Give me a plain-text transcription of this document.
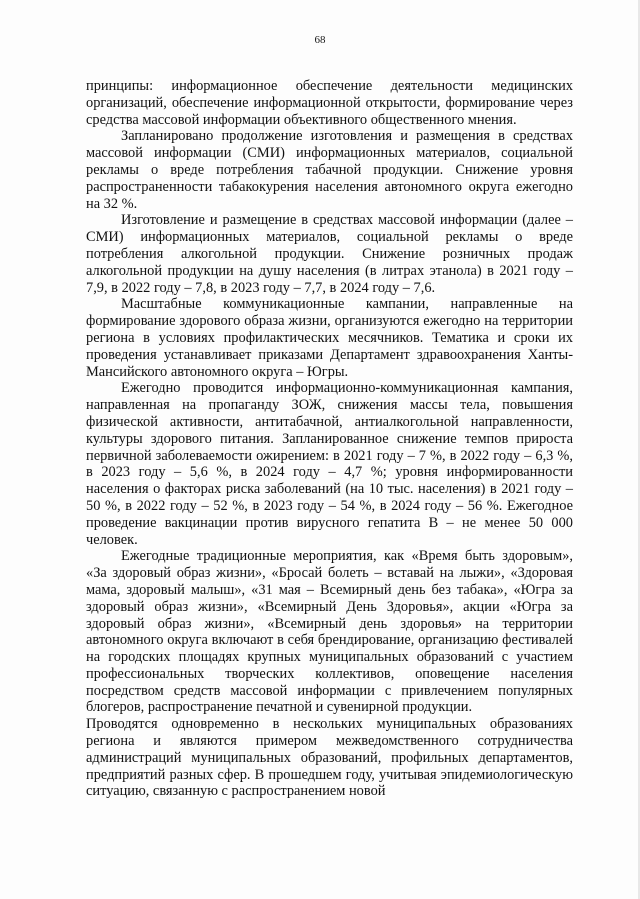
68

принципы: информационное обеспечение деятельности медицинских организаций, обеспечение информационной открытости, формирование через средства массовой информации объективного общественного мнения.

Запланировано продолжение изготовления и размещения в средствах массовой информации (СМИ) информационных материалов, социальной рекламы о вреде потребления табачной продукции. Снижение уровня распространенности табакокурения населения автономного округа ежегодно на 32 %.

Изготовление и размещение в средствах массовой информации (далее – СМИ) информационных материалов, социальной рекламы о вреде потребления алкогольной продукции. Снижение розничных продаж алкогольной продукции на душу населения (в литрах этанола) в 2021 году – 7,9, в 2022 году – 7,8, в 2023 году – 7,7, в 2024 году – 7,6.

Масштабные коммуникационные кампании, направленные на формирование здорового образа жизни, организуются ежегодно на территории региона в условиях профилактических месячников. Тематика и сроки их проведения устанавливает приказами Департамент здравоохранения Ханты-Мансийского автономного округа – Югры.

Ежегодно проводится информационно-коммуникационная кампания, направленная на пропаганду ЗОЖ, снижения массы тела, повышения физической активности, антитабачной, антиалкогольной направленности, культуры здорового питания. Запланированное снижение темпов прироста первичной заболеваемости ожирением: в 2021 году – 7 %, в 2022 году – 6,3 %, в 2023 году – 5,6 %, в 2024 году – 4,7 %; уровня информированности населения о факторах риска заболеваний (на 10 тыс. населения) в 2021 году – 50 %, в 2022 году – 52 %, в 2023 году – 54 %, в 2024 году – 56 %. Ежегодное проведение вакцинации против вирусного гепатита В – не менее 50 000 человек.

Ежегодные традиционные мероприятия, как «Время быть здоровым», «За здоровый образ жизни», «Бросай болеть – вставай на лыжи», «Здоровая мама, здоровый малыш», «31 мая – Всемирный день без табака», «Югра за здоровый образ жизни», «Всемирный День Здоровья», акции «Югра за здоровый образ жизни», «Всемирный день здоровья» на территории автономного округа включают в себя брендирование, организацию фестивалей на городских площадях крупных муниципальных образований с участием профессиональных творческих коллективов, оповещение населения посредством средств массовой информации с привлечением популярных блогеров, распространение печатной и сувенирной продукции.

Проводятся одновременно в нескольких муниципальных образованиях региона и являются примером межведомственного сотрудничества администраций муниципальных образований, профильных департаментов, предприятий разных сфер. В прошедшем году, учитывая эпидемиологическую ситуацию, связанную с распространением новой
